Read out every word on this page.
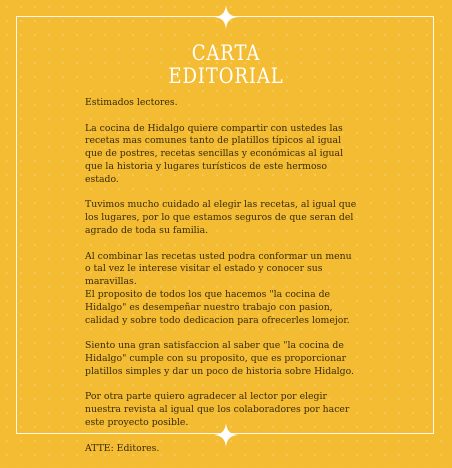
CARTA
EDITORIAL

Estimados lectores.

La cocina de Hidalgo quiere compartir con ustedes las
recetas mas comunes tanto de platillos típicos al igual
que de postres, recetas sencillas y económicas al igual
que la historia y lugares turísticos de este hermoso
estado.

Tuvimos mucho cuidado al elegir las recetas, al igual que
los lugares, por lo que estamos seguros de que seran del
agrado de toda su familia.

Al combinar las recetas usted podra conformar un menu
o tal vez le interese visitar el estado y conocer sus
maravillas.

El proposito de todos los que hacemos "la cocina de
Hidalgo" es desempeñar nuestro trabajo con pasion,
calidad y sobre todo dedicacion para ofrecerles lomejor.

Siento una gran satisfaccion al saber que "la cocina de
Hidalgo" cumple con su proposito, que es proporcionar
platillos simples y dar un poco de historia sobre Hidalgo.

Por otra parte quiero agradecer al lector por elegir
nuestra revista al igual que los colaboradores por hacer
este proyecto posible.

ATTE: Editores.
